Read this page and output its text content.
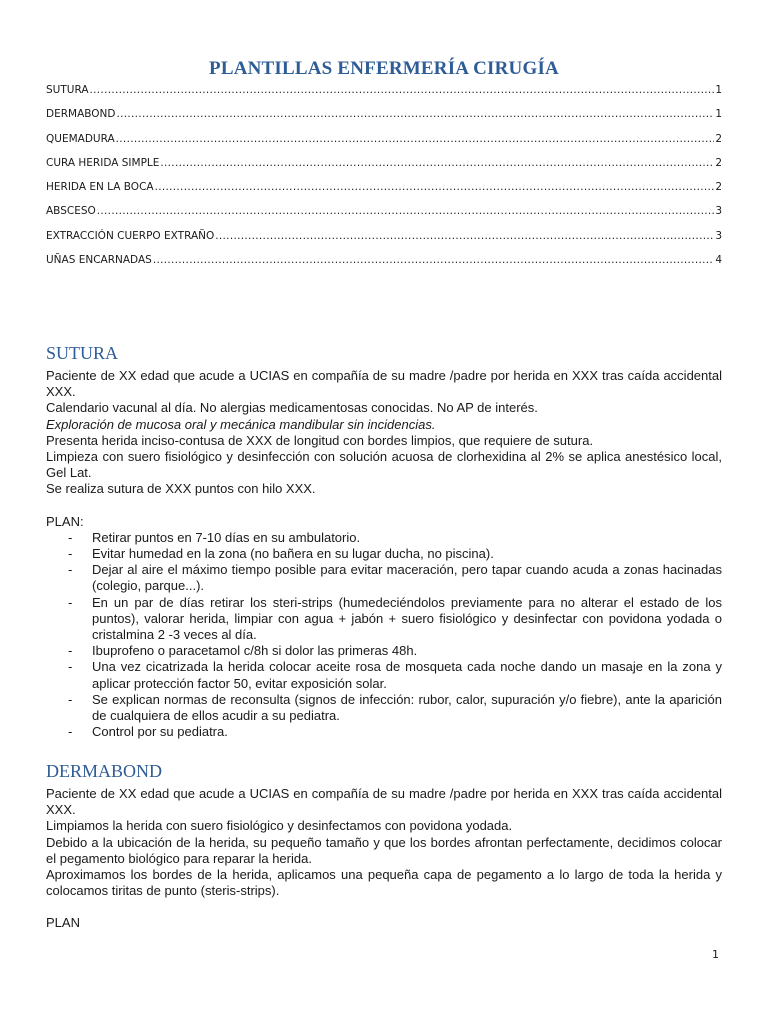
PLANTILLAS ENFERMERÍA CIRUGÍA
SUTURA .....	1
DERMABOND .....	1
QUEMADURA .....	2
CURA HERIDA SIMPLE .....	2
HERIDA EN LA BOCA .....	2
ABSCESO .....	3
EXTRACCIÓN CUERPO EXTRAÑO .....	3
UÑAS ENCARNADAS .....	4
SUTURA

Paciente de XX edad que acude a UCIAS en compañía de su madre /padre por herida en XXX tras caída accidental XXX.

Calendario vacunal al día. No alergias medicamentosas conocidas. No AP de interés.

Exploración de mucosa oral y mecánica mandibular sin incidencias.

Presenta herida inciso-contusa de XXX de longitud con bordes limpios, que requiere de sutura.

Limpieza con suero fisiológico y desinfección con solución acuosa de clorhexidina al 2% se aplica anestésico local, Gel Lat.

Se realiza sutura de XXX puntos con hilo XXX.

PLAN:

- Retirar puntos en 7-10 días en su ambulatorio.
- Evitar humedad en la zona (no bañera en su lugar ducha, no piscina).
- Dejar al aire el máximo tiempo posible para evitar maceración, pero tapar cuando acuda a zonas hacinadas (colegio, parque...).
- En un par de días retirar los steri-strips (humedeciéndolos previamente para no alterar el estado de los puntos), valorar herida, limpiar con agua + jabón + suero fisiológico y desinfectar con povidona yodada o cristalmina 2 -3 veces al día.
- Ibuprofeno o paracetamol c/8h si dolor las primeras 48h.
- Una vez cicatrizada la herida colocar aceite rosa de mosqueta cada noche dando un masaje en la zona y aplicar protección factor 50, evitar exposición solar.
- Se explican normas de reconsulta (signos de infección: rubor, calor, supuración y/o fiebre), ante la aparición de cualquiera de ellos acudir a su pediatra.
- Control por su pediatra.
DERMABOND

Paciente de XX edad que acude a UCIAS en compañía de su madre /padre por herida en XXX tras caída accidental XXX.

Limpiamos la herida con suero fisiológico y desinfectamos con povidona yodada.

Debido a la ubicación de la herida, su pequeño tamaño y que los bordes afrontan perfectamente, decidimos colocar el pegamento biológico para reparar la herida.

Aproximamos los bordes de la herida, aplicamos una pequeña capa de pegamento a lo largo de toda la herida y colocamos tiritas de punto (steris-strips).

PLAN

1
